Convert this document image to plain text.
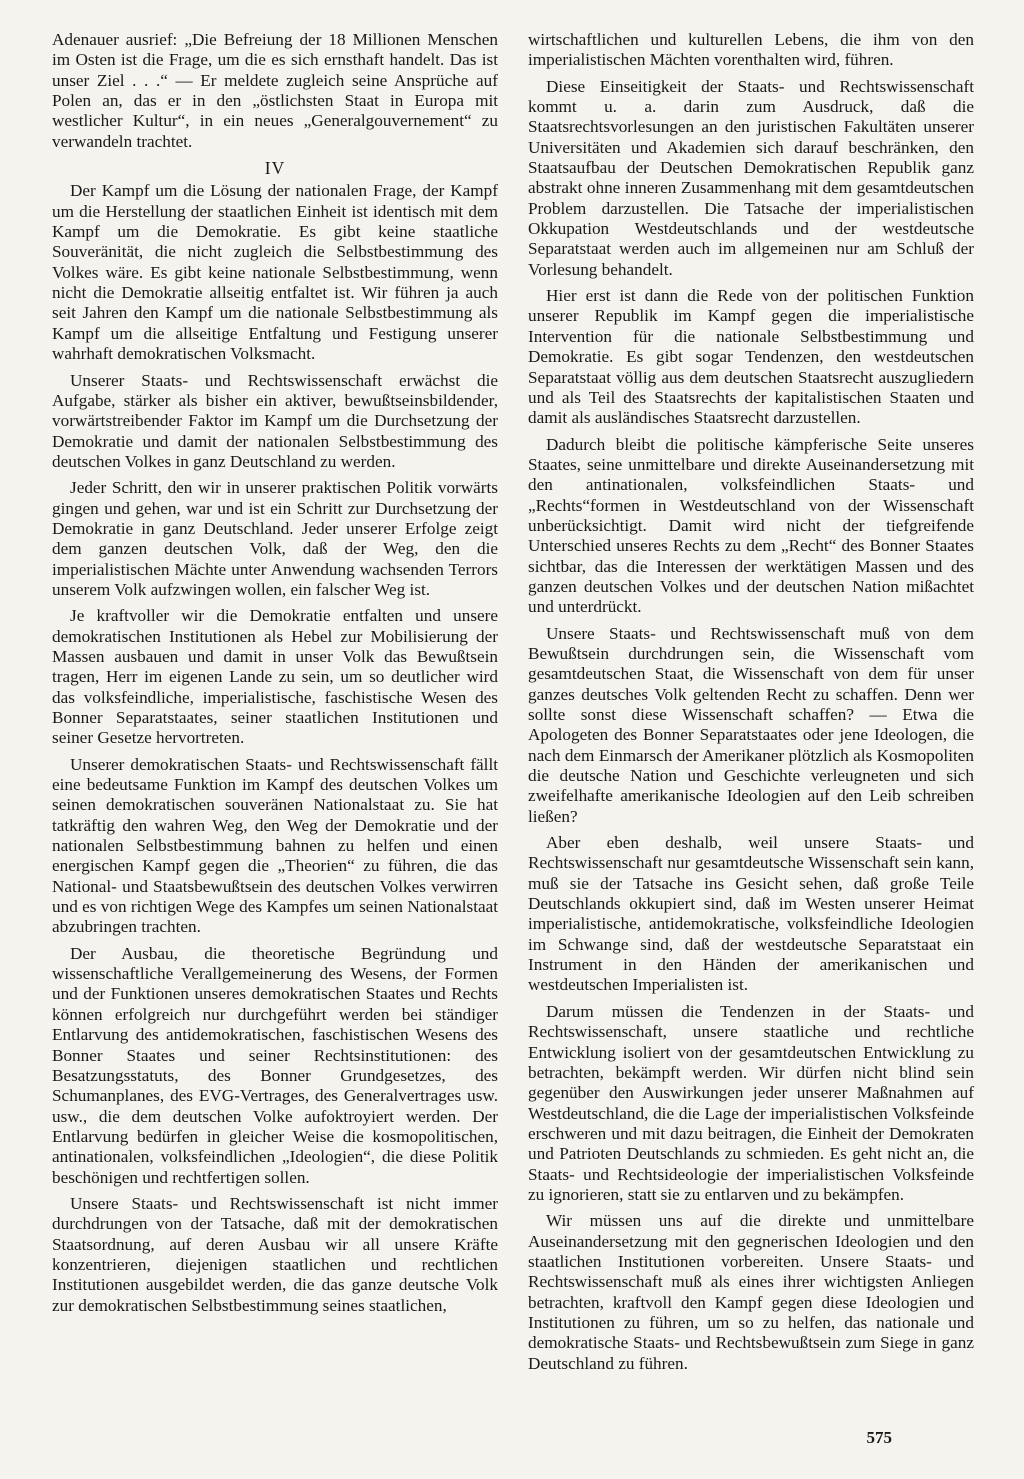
Adenauer ausrief: „Die Befreiung der 18 Millionen Menschen im Osten ist die Frage, um die es sich ernsthaft handelt. Das ist unser Ziel . . .“ — Er meldete zugleich seine Ansprüche auf Polen an, das er in den „östlichsten Staat in Europa mit westlicher Kultur“, in ein neues „Generalgouvernement“ zu verwandeln trachtet.

IV

Der Kampf um die Lösung der nationalen Frage, der Kampf um die Herstellung der staatlichen Einheit ist identisch mit dem Kampf um die Demokratie. Es gibt keine staatliche Souveränität, die nicht zugleich die Selbstbestimmung des Volkes wäre. Es gibt keine nationale Selbstbestimmung, wenn nicht die Demokratie allseitig entfaltet ist. Wir führen ja auch seit Jahren den Kampf um die nationale Selbstbestimmung als Kampf um die allseitige Entfaltung und Festigung unserer wahrhaft demokratischen Volksmacht.

Unserer Staats- und Rechtswissenschaft erwächst die Aufgabe, stärker als bisher ein aktiver, bewußtseinsbildender, vorwärtstreibender Faktor im Kampf um die Durchsetzung der Demokratie und damit der nationalen Selbstbestimmung des deutschen Volkes in ganz Deutschland zu werden.

Jeder Schritt, den wir in unserer praktischen Politik vorwärts gingen und gehen, war und ist ein Schritt zur Durchsetzung der Demokratie in ganz Deutschland. Jeder unserer Erfolge zeigt dem ganzen deutschen Volk, daß der Weg, den die imperialistischen Mächte unter Anwendung wachsenden Terrors unserem Volk aufzwingen wollen, ein falscher Weg ist.

Je kraftvoller wir die Demokratie entfalten und unsere demokratischen Institutionen als Hebel zur Mobilisierung der Massen ausbauen und damit in unser Volk das Bewußtsein tragen, Herr im eigenen Lande zu sein, um so deutlicher wird das volksfeindliche, imperialistische, faschistische Wesen des Bonner Separatstaates, seiner staatlichen Institutionen und seiner Gesetze hervortreten.

Unserer demokratischen Staats- und Rechtswissenschaft fällt eine bedeutsame Funktion im Kampf des deutschen Volkes um seinen demokratischen souveränen Nationalstaat zu. Sie hat tatkräftig den wahren Weg, den Weg der Demokratie und der nationalen Selbstbestimmung bahnen zu helfen und einen energischen Kampf gegen die „Theorien“ zu führen, die das National- und Staatsbewußtsein des deutschen Volkes verwirren und es von richtigen Wege des Kampfes um seinen Nationalstaat abzubringen trachten.

Der Ausbau, die theoretische Begründung und wissenschaftliche Verallgemeinerung des Wesens, der Formen und der Funktionen unseres demokratischen Staates und Rechts können erfolgreich nur durchgeführt werden bei ständiger Entlarvung des antidemokratischen, faschistischen Wesens des Bonner Staates und seiner Rechtsinstitutionen: des Besatzungsstatuts, des Bonner Grundgesetzes, des Schumanplanes, des EVG-Vertrages, des Generalvertrages usw. usw., die dem deutschen Volke aufoktroyiert werden. Der Entlarvung bedürfen in gleicher Weise die kosmopolitischen, antinationalen, volksfeindlichen „Ideologien“, die diese Politik beschönigen und rechtfertigen sollen.

Unsere Staats- und Rechtswissenschaft ist nicht immer durchdrungen von der Tatsache, daß mit der demokratischen Staatsordnung, auf deren Ausbau wir all unsere Kräfte konzentrieren, diejenigen staatlichen und rechtlichen Institutionen ausgebildet werden, die das ganze deutsche Volk zur demokratischen Selbstbestimmung seines staatlichen,

wirtschaftlichen und kulturellen Lebens, die ihm von den imperialistischen Mächten vorenthalten wird, führen.

Diese Einseitigkeit der Staats- und Rechtswissenschaft kommt u. a. darin zum Ausdruck, daß die Staatsrechtsvorlesungen an den juristischen Fakultäten unserer Universitäten und Akademien sich darauf beschränken, den Staatsaufbau der Deutschen Demokratischen Republik ganz abstrakt ohne inneren Zusammenhang mit dem gesamtdeutschen Problem darzustellen. Die Tatsache der imperialistischen Okkupation Westdeutschlands und der westdeutsche Separatstaat werden auch im allgemeinen nur am Schluß der Vorlesung behandelt.

Hier erst ist dann die Rede von der politischen Funktion unserer Republik im Kampf gegen die imperialistische Intervention für die nationale Selbstbestimmung und Demokratie. Es gibt sogar Tendenzen, den westdeutschen Separatstaat völlig aus dem deutschen Staatsrecht auszugliedern und als Teil des Staatsrechts der kapitalistischen Staaten und damit als ausländisches Staatsrecht darzustellen.

Dadurch bleibt die politische kämpferische Seite unseres Staates, seine unmittelbare und direkte Auseinandersetzung mit den antinationalen, volksfeindlichen Staats- und „Rechts“formen in Westdeutschland von der Wissenschaft unberücksichtigt. Damit wird nicht der tiefgreifende Unterschied unseres Rechts zu dem „Recht“ des Bonner Staates sichtbar, das die Interessen der werktätigen Massen und des ganzen deutschen Volkes und der deutschen Nation mißachtet und unterdrückt.

Unsere Staats- und Rechtswissenschaft muß von dem Bewußtsein durchdrungen sein, die Wissenschaft vom gesamtdeutschen Staat, die Wissenschaft von dem für unser ganzes deutsches Volk geltenden Recht zu schaffen. Denn wer sollte sonst diese Wissenschaft schaffen? — Etwa die Apologeten des Bonner Separatstaates oder jene Ideologen, die nach dem Einmarsch der Amerikaner plötzlich als Kosmopoliten die deutsche Nation und Geschichte verleugneten und sich zweifelhafte amerikanische Ideologien auf den Leib schreiben ließen?

Aber eben deshalb, weil unsere Staats- und Rechtswissenschaft nur gesamtdeutsche Wissenschaft sein kann, muß sie der Tatsache ins Gesicht sehen, daß große Teile Deutschlands okkupiert sind, daß im Westen unserer Heimat imperialistische, antidemokratische, volksfeindliche Ideologien im Schwange sind, daß der westdeutsche Separatstaat ein Instrument in den Händen der amerikanischen und westdeutschen Imperialisten ist.

Darum müssen die Tendenzen in der Staats- und Rechtswissenschaft, unsere staatliche und rechtliche Entwicklung isoliert von der gesamtdeutschen Entwicklung zu betrachten, bekämpft werden. Wir dürfen nicht blind sein gegenüber den Auswirkungen jeder unserer Maßnahmen auf Westdeutschland, die die Lage der imperialistischen Volksfeinde erschweren und mit dazu beitragen, die Einheit der Demokraten und Patrioten Deutschlands zu schmieden. Es geht nicht an, die Staats- und Rechtsideologie der imperialistischen Volksfeinde zu ignorieren, statt sie zu entlarven und zu bekämpfen.

Wir müssen uns auf die direkte und unmittelbare Auseinandersetzung mit den gegnerischen Ideologien und den staatlichen Institutionen vorbereiten. Unsere Staats- und Rechtswissenschaft muß als eines ihrer wichtigsten Anliegen betrachten, kraftvoll den Kampf gegen diese Ideologien und Institutionen zu führen, um so zu helfen, das nationale und demokratische Staats- und Rechtsbewußtsein zum Siege in ganz Deutschland zu führen.

575
